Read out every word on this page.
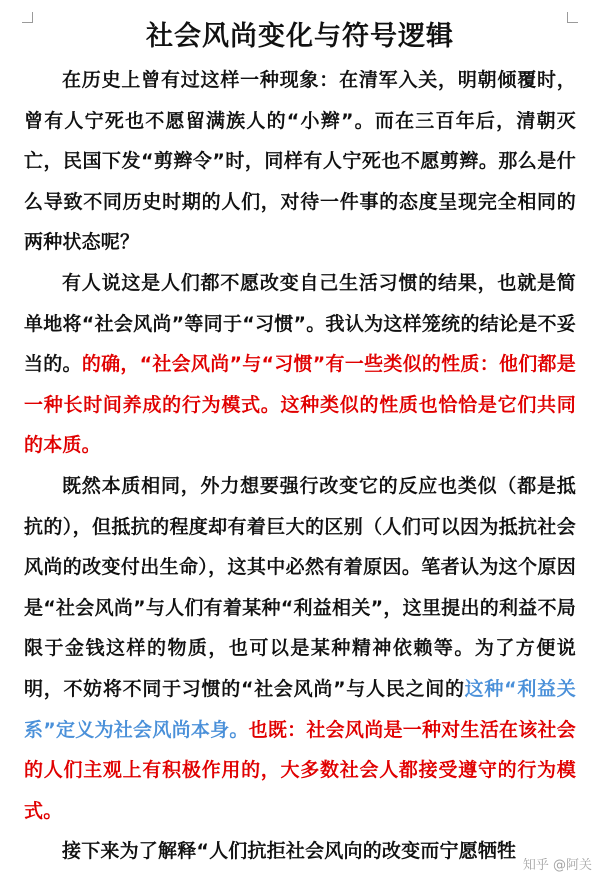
社会风尚变化与符号逻辑

在历史上曾有过这样一种现象：在清军入关，明朝倾覆时，曾有人宁死也不愿留满族人的“小辫”。而在三百年后，清朝灭亡，民国下发“剪辫令”时，同样有人宁死也不愿剪辫。那么是什么导致不同历史时期的人们，对待一件事的态度呈现完全相同的两种状态呢？

有人说这是人们都不愿改变自己生活习惯的结果，也就是简单地将“社会风尚”等同于“习惯”。我认为这样笼统的结论是不妥当的。的确，“社会风尚”与“习惯”有一些类似的性质：他们都是一种长时间养成的行为模式。这种类似的性质也恰恰是它们共同的本质。

既然本质相同，外力想要强行改变它的反应也类似（都是抵抗的），但抵抗的程度却有着巨大的区别（人们可以因为抵抗社会风尚的改变付出生命），这其中必然有着原因。笔者认为这个原因是“社会风尚”与人们有着某种“利益相关”，这里提出的利益不局限于金钱这样的物质，也可以是某种精神依赖等。为了方便说明，不妨将不同于习惯的“社会风尚”与人民之间的这种“利益关系”定义为社会风尚本身。也既：社会风尚是一种对生活在该社会的人们主观上有积极作用的，大多数社会人都接受遵守的行为模式。

接下来为了解释“人们抗拒社会风向的改变而宁愿牺牲

知乎 @阿关
